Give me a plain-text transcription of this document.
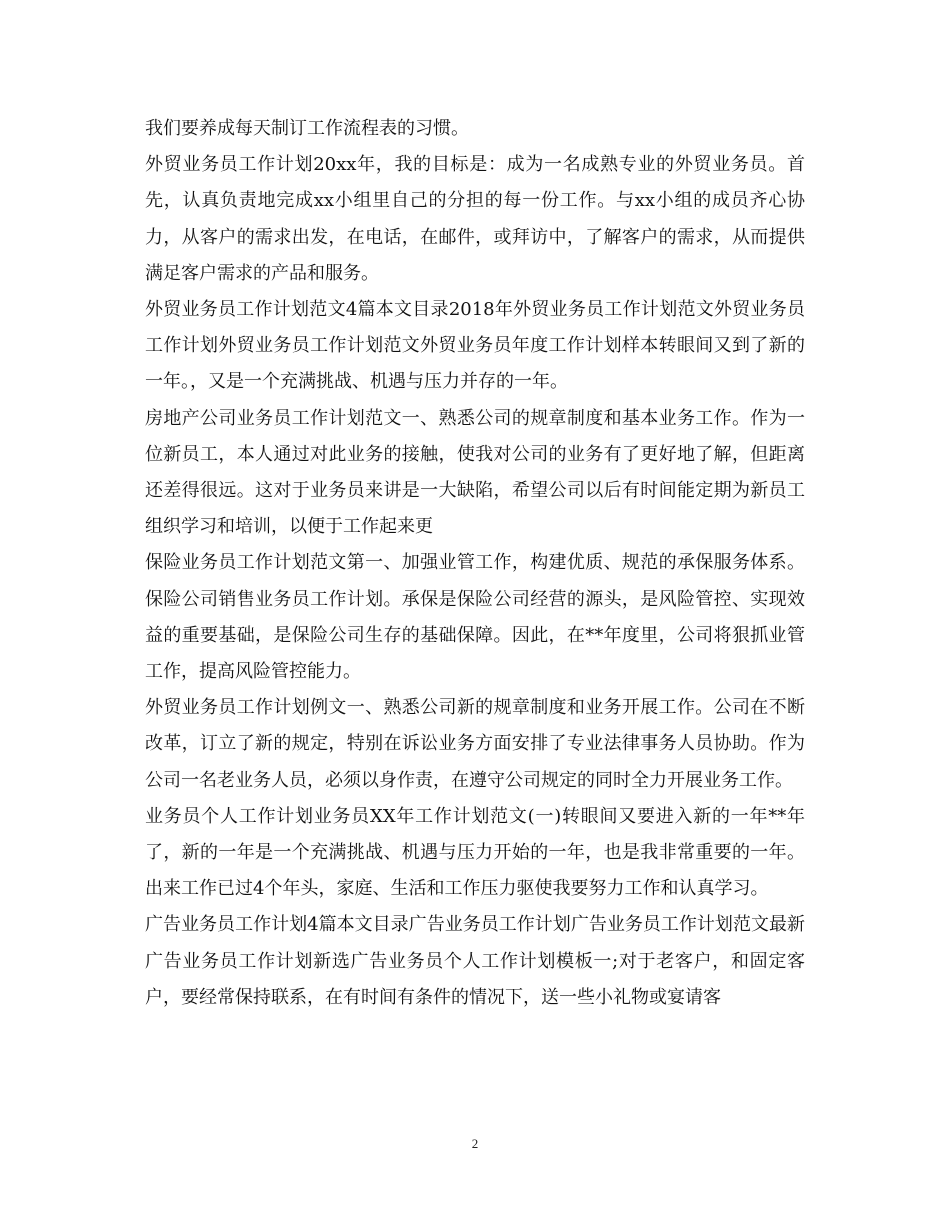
我们要养成每天制订工作流程表的习惯。

外贸业务员工作计划20xx年，我的目标是：成为一名成熟专业的外贸业务员。首先，认真负责地完成xx小组里自己的分担的每一份工作。与xx小组的成员齐心协力，从客户的需求出发，在电话，在邮件，或拜访中，了解客户的需求，从而提供满足客户需求的产品和服务。

外贸业务员工作计划范文4篇本文目录2018年外贸业务员工作计划范文外贸业务员工作计划外贸业务员工作计划范文外贸业务员年度工作计划样本转眼间又到了新的一年。，又是一个充满挑战、机遇与压力并存的一年。

房地产公司业务员工作计划范文一、熟悉公司的规章制度和基本业务工作。作为一位新员工，本人通过对此业务的接触，使我对公司的业务有了更好地了解，但距离还差得很远。这对于业务员来讲是一大缺陷，希望公司以后有时间能定期为新员工组织学习和培训，以便于工作起来更

保险业务员工作计划范文第一、加强业管工作，构建优质、规范的承保服务体系。保险公司销售业务员工作计划。承保是保险公司经营的源头，是风险管控、实现效益的重要基础，是保险公司生存的基础保障。因此，在**年度里，公司将狠抓业管工作，提高风险管控能力。

外贸业务员工作计划例文一、熟悉公司新的规章制度和业务开展工作。公司在不断改革，订立了新的规定，特别在诉讼业务方面安排了专业法律事务人员协助。作为公司一名老业务人员，必须以身作责，在遵守公司规定的同时全力开展业务工作。

业务员个人工作计划业务员XX年工作计划范文(一)转眼间又要进入新的一年**年了，新的一年是一个充满挑战、机遇与压力开始的一年，也是我非常重要的一年。出来工作已过4个年头，家庭、生活和工作压力驱使我要努力工作和认真学习。

广告业务员工作计划4篇本文目录广告业务员工作计划广告业务员工作计划范文最新广告业务员工作计划新选广告业务员个人工作计划模板一;对于老客户，和固定客户，要经常保持联系，在有时间有条件的情况下，送一些小礼物或宴请客

2
